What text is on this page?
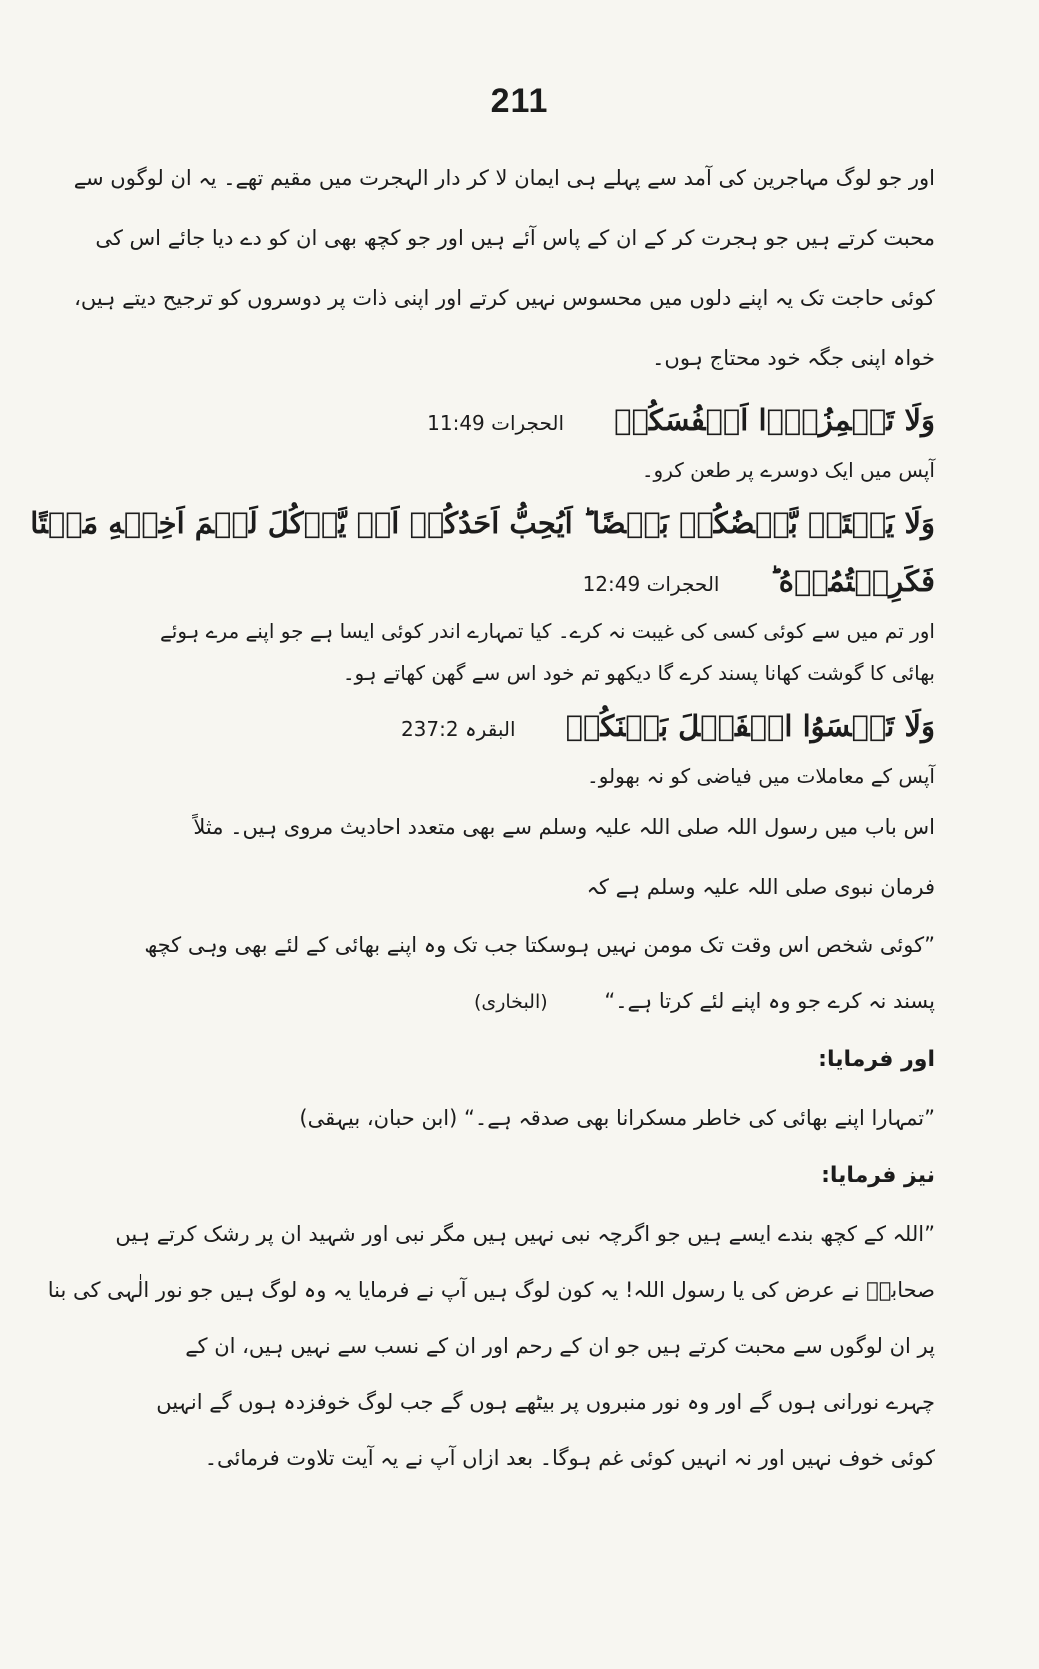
211

اور جو لوگ مہاجرین کی آمد سے پہلے ہی ایمان لا کر دار الہجرت میں مقیم تھے۔ یہ ان لوگوں سے

محبت کرتے ہیں جو ہجرت کر کے ان کے پاس آئے ہیں اور جو کچھ بھی ان کو دے دیا جائے اس کی

کوئی حاجت تک یہ اپنے دلوں میں محسوس نہیں کرتے اور اپنی ذات پر دوسروں کو ترجیح دیتے ہیں،

خواہ اپنی جگہ خود محتاج ہوں۔

وَلَا تَلۡمِزُوۡٓا اَنۡفُسَكُمۡ الحجرات 11:49

آپس میں ایک دوسرے پر طعن کرو۔

وَلَا يَغۡتَبۡ بَّعۡضُكُمۡ بَعۡضًا ؕ اَيُحِبُّ اَحَدُكُمۡ اَنۡ يَّاۡكُلَ لَحۡمَ اَخِيۡهِ مَيۡتًا

فَكَرِهۡتُمُوۡهُ ؕ الحجرات 12:49

اور تم میں سے کوئی کسی کی غیبت نہ کرے۔ کیا تمہارے اندر کوئی ایسا ہے جو اپنے مرے ہوئے

بھائی کا گوشت کھانا پسند کرے گا دیکھو تم خود اس سے گھن کھاتے ہو۔

وَلَا تَنۡسَوُا الۡفَضۡلَ بَيۡنَكُمۡ البقرہ 237:2

آپس کے معاملات میں فیاضی کو نہ بھولو۔

اس باب میں رسول اللہ صلی اللہ علیہ وسلم سے بھی متعدد احادیث مروی ہیں۔ مثلاً

فرمان نبوی صلی اللہ علیہ وسلم ہے کہ

”کوئی شخص اس وقت تک مومن نہیں ہوسکتا جب تک وہ اپنے بھائی کے لئے بھی وہی کچھ

پسند نہ کرے جو وہ اپنے لئے کرتا ہے۔“ (البخاری)

اور فرمایا:

”تمہارا اپنے بھائی کی خاطر مسکرانا بھی صدقہ ہے۔“ (ابن حبان، بیہقی)

نیز فرمایا:

”اللہ کے کچھ بندے ایسے ہیں جو اگرچہ نبی نہیں ہیں مگر نبی اور شہید ان پر رشک کرتے ہیں

صحابہؓ نے عرض کی یا رسول اللہ! یہ کون لوگ ہیں آپ نے فرمایا یہ وہ لوگ ہیں جو نور الٰہی کی بنا

پر ان لوگوں سے محبت کرتے ہیں جو ان کے رحم اور ان کے نسب سے نہیں ہیں، ان کے

چہرے نورانی ہوں گے اور وہ نور منبروں پر بیٹھے ہوں گے جب لوگ خوفزدہ ہوں گے انہیں

کوئی خوف نہیں اور نہ انہیں کوئی غم ہوگا۔ بعد ازاں آپ نے یہ آیت تلاوت فرمائی۔
